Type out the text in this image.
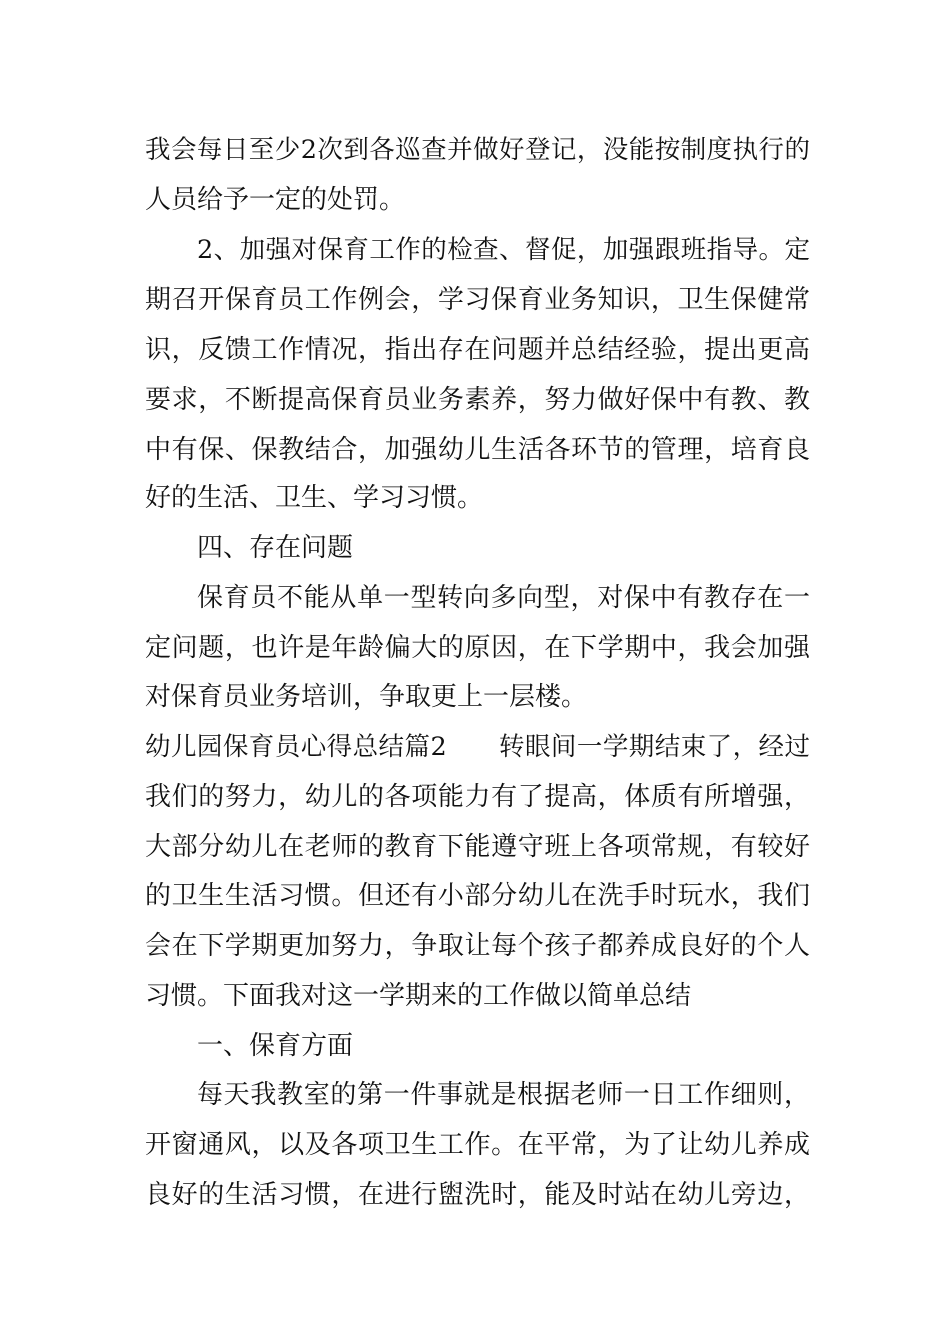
我会每日至少2次到各巡查并做好登记，没能按制度执行的
人员给予一定的处罚。
2、加强对保育工作的检查、督促，加强跟班指导。定
期召开保育员工作例会，学习保育业务知识，卫生保健常
识，反馈工作情况，指出存在问题并总结经验，提出更高
要求，不断提高保育员业务素养，努力做好保中有教、教
中有保、保教结合，加强幼儿生活各环节的管理，培育良
好的生活、卫生、学习习惯。
四、存在问题
保育员不能从单一型转向多向型，对保中有教存在一
定问题，也许是年龄偏大的原因，在下学期中，我会加强
对保育员业务培训，争取更上一层楼。
幼儿园保育员心得总结篇2　　转眼间一学期结束了，经过
我们的努力，幼儿的各项能力有了提高，体质有所增强，
大部分幼儿在老师的教育下能遵守班上各项常规，有较好
的卫生生活习惯。但还有小部分幼儿在洗手时玩水，我们
会在下学期更加努力，争取让每个孩子都养成良好的个人
习惯。下面我对这一学期来的工作做以简单总结
一、保育方面
每天我教室的第一件事就是根据老师一日工作细则，
开窗通风，以及各项卫生工作。在平常，为了让幼儿养成
良好的生活习惯，在进行盥洗时，能及时站在幼儿旁边，
